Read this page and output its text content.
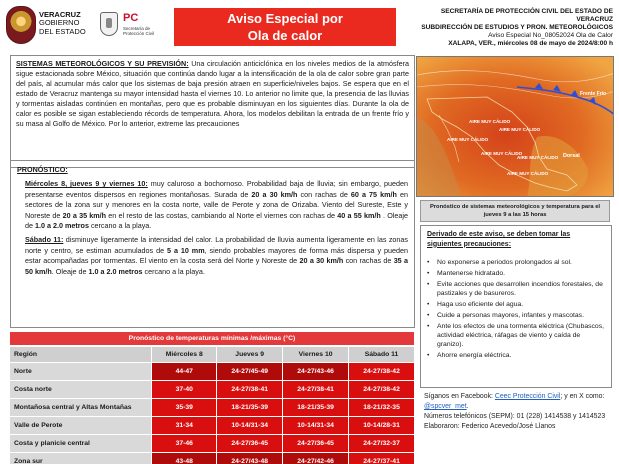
VERACRUZ
GOBIERNO
DEL ESTADO
PC
Secretaría de Protección Civil
Aviso Especial por
Ola de calor
SECRETARÍA DE PROTECCIÓN CIVIL DEL ESTADO DE VERACRUZ
SUBDIRECCIÓN DE ESTUDIOS Y PRON. METEOROLÓGICOS
Aviso Especial No_08052024 Ola de Calor
XALAPA, VER., miércoles 08 de mayo de 2024/8:00 h
SISTEMAS METEOROLÓGICOS Y SU PREVISIÓN: Una circulación anticiclónica en los niveles medios de la atmósfera sigue estacionada sobre México, situación que continúa dando lugar a la intensificación de la ola de calor sobre gran parte del país, al acumular más calor que los sistemas de baja presión atraen en superficie/niveles bajos. Se espera que en el estado de Veracruz mantenga su mayor intensidad hasta el viernes 10. Lo anterior no limite que, la presencia de las lluvias y tormentas aisladas continúen en montañas, pero que es probable disminuyan en los siguientes días. Durante la ola de calor es posible se sigan estableciendo récords de temperatura. Ahora, los modelos debilitan la entrada de un frente frío y su masa al Golfo de México. Por lo anterior, extreme las precauciones
Frente Frío
AIRE MUY CÁLIDO
AIRE MUY CÁLIDO
AIRE MUY CÁLIDO
AIRE MUY CÁLIDO
AIRE MUY CÁLIDO
AIRE MUY CÁLIDO
Dorsal
Pronóstico de sistemas meteorológicos y temperatura para el jueves 9 a las 15 horas
PRONÓSTICO:

Miércoles 8, jueves 9 y viernes 10: muy caluroso a bochornoso. Probabilidad baja de lluvia; sin embargo, pueden presentarse eventos dispersos en regiones montañosas. Surada de 20 a 30 km/h con rachas de 60 a 75 km/h en sectores de la zona sur y menores en la costa norte, valle de Perote y zona de Orizaba. Viento del Sureste, Este y Noreste de 20 a 35 km/h en el resto de las costas, cambiando al Norte el viernes con rachas de 40 a 55 km/h . Oleaje de 1.0 a 2.0 metros cercano a la playa.

Sábado 11: disminuye ligeramente la intensidad del calor. La probabilidad de lluvia aumenta ligeramente en las zonas norte y centro, se estiman acumulados de 5 a 10 mm, siendo probables mayores de forma más dispersa y pueden estar acompañadas por tormentas. El viento en la costa será del Norte y Noreste de 20 a 30 km/h con rachas de 35 a 50 km/h. Oleaje de 1.0 a 2.0 metros cercano a la playa.

Derivado de este aviso, se deben tomar las siguientes precauciones:
• No exponerse a periodos prolongados al sol.
• Mantenerse hidratado.
• Evite acciones que desarrollen incendios forestales, de pastizales y de basureros.
• Haga uso eficiente del agua.
• Cuide a personas mayores, infantes y mascotas.
• Ante los efectos de una tormenta eléctrica (Chubascos, actividad eléctrica, ráfagas de viento y caída de granizo).
• Ahorre energía eléctrica.
Síganos en Facebook: Ceec Protección Civil; y en X como: @spcver_met.
Números telefónicos (SEPM): 01 (228) 1414538 y 1414523
Elaboraron: Federico Acevedo/José Llanos
Pronóstico de temperaturas mínimas /máximas (°C)				
Región	Miércoles 8	Jueves 9	Viernes 10	Sábado 11
Norte	44-47	24-27/45-49	24-27/43-46	24-27/38-42
Costa norte	37-40	24-27/38-41	24-27/38-41	24-27/38-42
Montañosa central y Altas Montañas	35-39	18-21/35-39	18-21/35-39	18-21/32-35
Valle de Perote	31-34	10-14/31-34	10-14/31-34	10-14/28-31
Costa y planicie central	37-46	24-27/36-45	24-27/36-45	24-27/32-37
Zona sur	43-48	24-27/43-48	24-27/42-46	24-27/37-41
